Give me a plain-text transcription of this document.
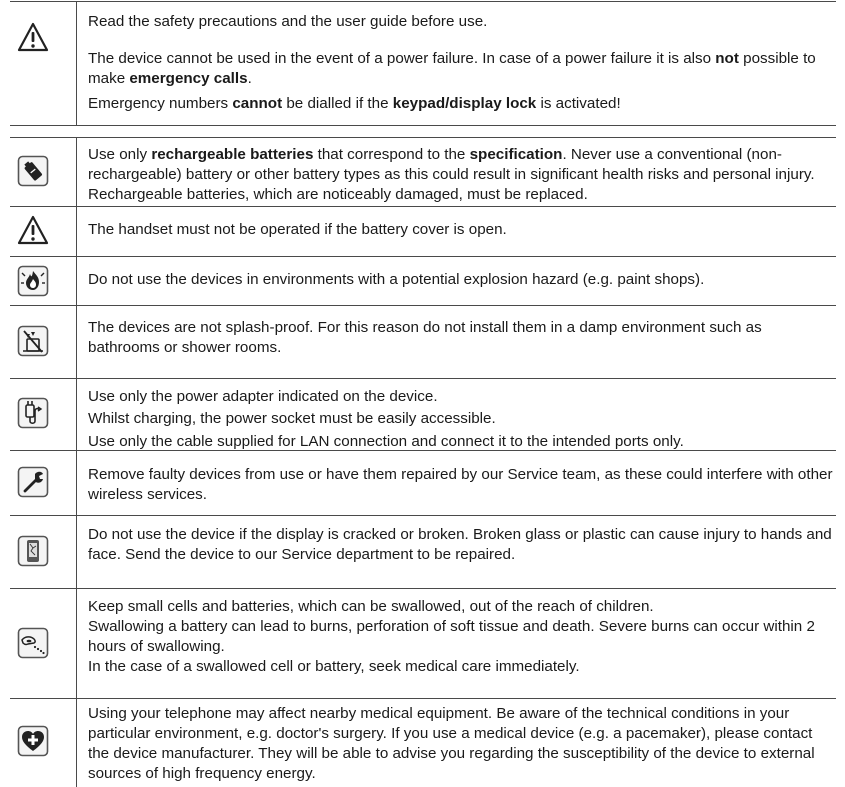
Read the safety precautions and the user guide before use.

The device cannot be used in the event of a power failure. In case of a power failure it is also not possible to make emergency calls.

Emergency numbers cannot be dialled if the keypad/display lock is activated!

Use only rechargeable batteries that correspond to the specification. Never use a conventional (non-rechargeable) battery or other battery types as this could result in significant health risks and personal injury. Rechargeable batteries, which are noticeably damaged, must be replaced.

The handset must not be operated if the battery cover is open.

Do not use the devices in environments with a potential explosion hazard (e.g. paint shops).

The devices are not splash-proof. For this reason do not install them in a damp environment such as bathrooms or shower rooms.

Use only the power adapter indicated on the device.

Whilst charging, the power socket must be easily accessible.

Use only the cable supplied for LAN connection and connect it to the intended ports only.

Remove faulty devices from use or have them repaired by our Service team, as these could interfere with other wireless services.

Do not use the device if the display is cracked or broken. Broken glass or plastic can cause injury to hands and face. Send the device to our Service department to be repaired.

Keep small cells and batteries, which can be swallowed, out of the reach of children.

Swallowing a battery can lead to burns, perforation of soft tissue and death. Severe burns can occur within 2 hours of swallowing.

In the case of a swallowed cell or battery, seek medical care immediately.

Using your telephone may affect nearby medical equipment. Be aware of the technical conditions in your particular environment, e.g. doctor's surgery. If you use a medical device (e.g. a pacemaker), please contact the device manufacturer. They will be able to advise you regarding the susceptibility of the device to external sources of high frequency energy.
